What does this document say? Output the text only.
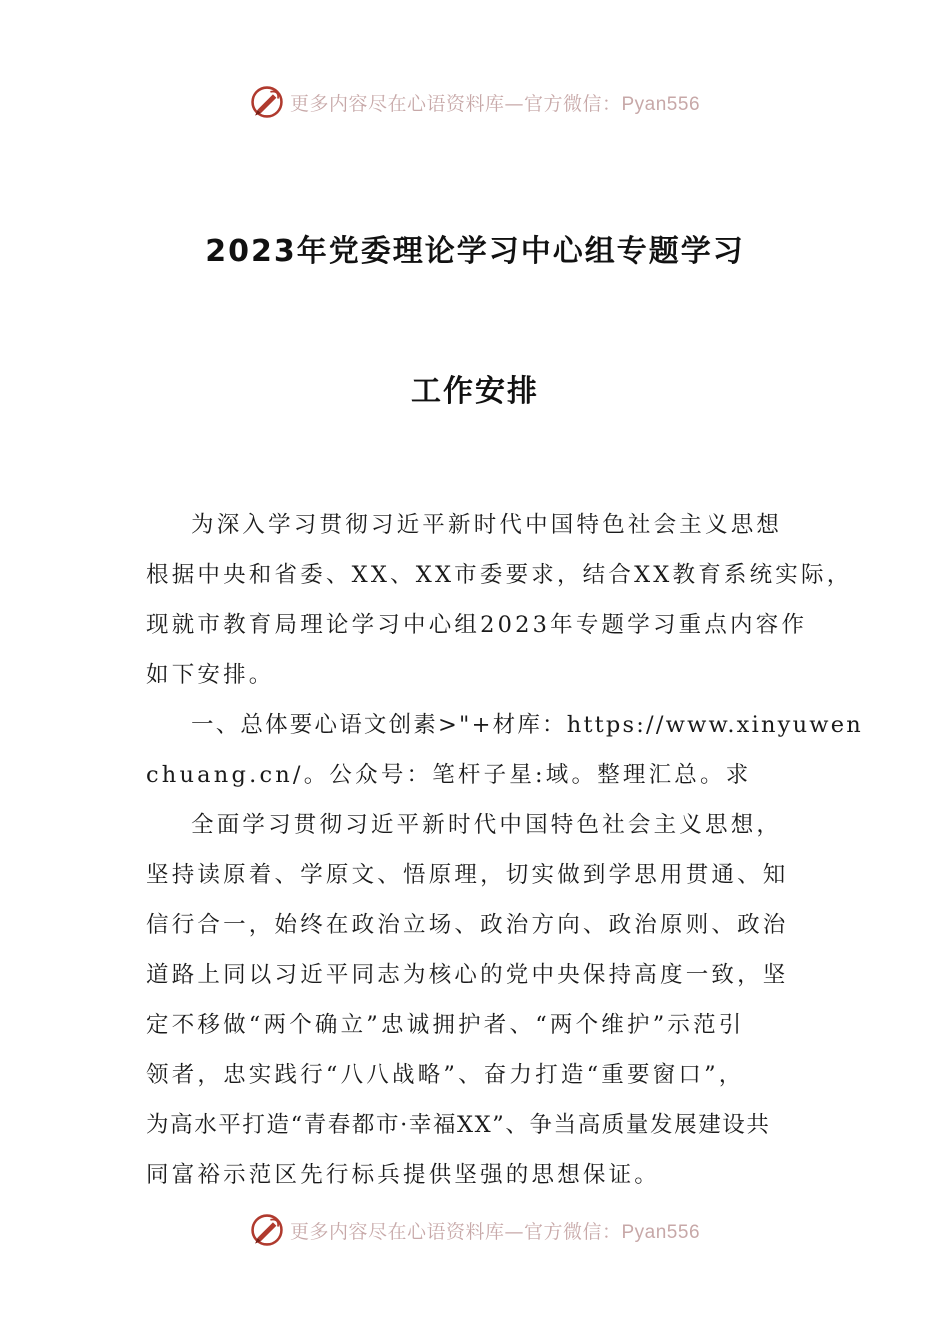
更多内容尽在心语资料库—官方微信：Pyan556
2023年党委理论学习中心组专题学习
工作安排
为深入学习贯彻习近平新时代中国特色社会主义思想
根据中央和省委、XX、XX市委要求，结合XX教育系统实际，
现就市教育局理论学习中心组2023年专题学习重点内容作
如下安排。
一、总体要心语文创素>"+材库：https://www.xinyuwen
chuang.cn/。公众号：笔杆子星:域。整理汇总。求
全面学习贯彻习近平新时代中国特色社会主义思想，
坚持读原着、学原文、悟原理，切实做到学思用贯通、知
信行合一，始终在政治立场、政治方向、政治原则、政治
道路上同以习近平同志为核心的党中央保持高度一致，坚
定不移做“两个确立”忠诚拥护者、“两个维护”示范引
领者，忠实践行“八八战略”、奋力打造“重要窗口”，
为高水平打造“青春都市·幸福XX”、争当高质量发展建设共
同富裕示范区先行标兵提供坚强的思想保证。
更多内容尽在心语资料库—官方微信：Pyan556
